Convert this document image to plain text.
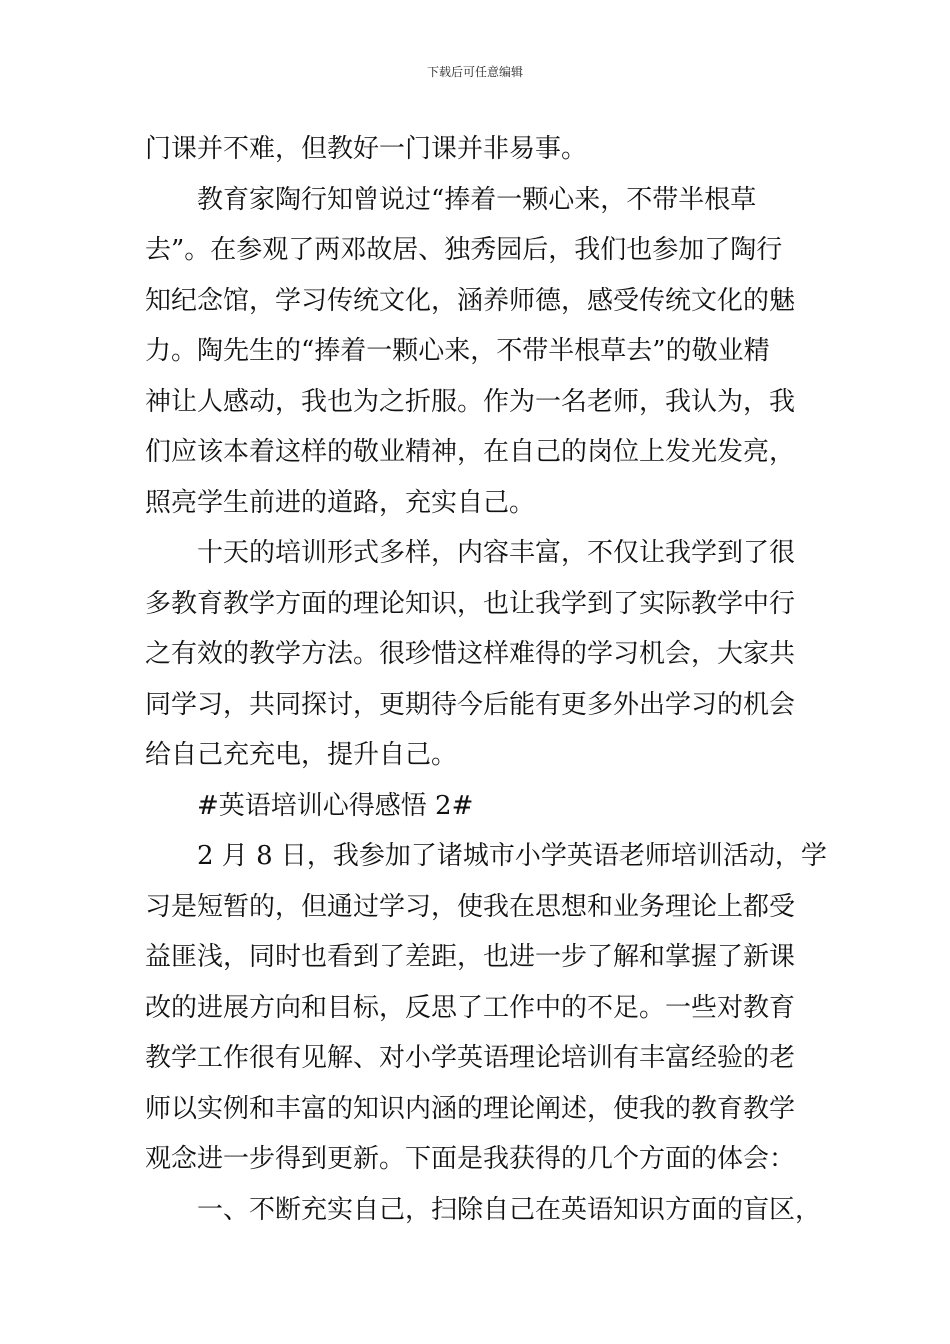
下载后可任意编辑
门课并不难，但教好一门课并非易事。
教育家陶行知曾说过“捧着一颗心来，不带半根草
去”。在参观了两邓故居、独秀园后，我们也参加了陶行
知纪念馆，学习传统文化，涵养师德，感受传统文化的魅
力。陶先生的“捧着一颗心来，不带半根草去”的敬业精
神让人感动，我也为之折服。作为一名老师，我认为，我
们应该本着这样的敬业精神，在自己的岗位上发光发亮，
照亮学生前进的道路，充实自己。
十天的培训形式多样，内容丰富，不仅让我学到了很
多教育教学方面的理论知识，也让我学到了实际教学中行
之有效的教学方法。很珍惜这样难得的学习机会，大家共
同学习，共同探讨，更期待今后能有更多外出学习的机会
给自己充充电，提升自己。
#英语培训心得感悟 2#
2 月 8 日，我参加了诸城市小学英语老师培训活动，学
习是短暂的，但通过学习，使我在思想和业务理论上都受
益匪浅，同时也看到了差距，也进一步了解和掌握了新课
改的进展方向和目标，反思了工作中的不足。一些对教育
教学工作很有见解、对小学英语理论培训有丰富经验的老
师以实例和丰富的知识内涵的理论阐述，使我的教育教学
观念进一步得到更新。下面是我获得的几个方面的体会：
一、不断充实自己，扫除自己在英语知识方面的盲区，
